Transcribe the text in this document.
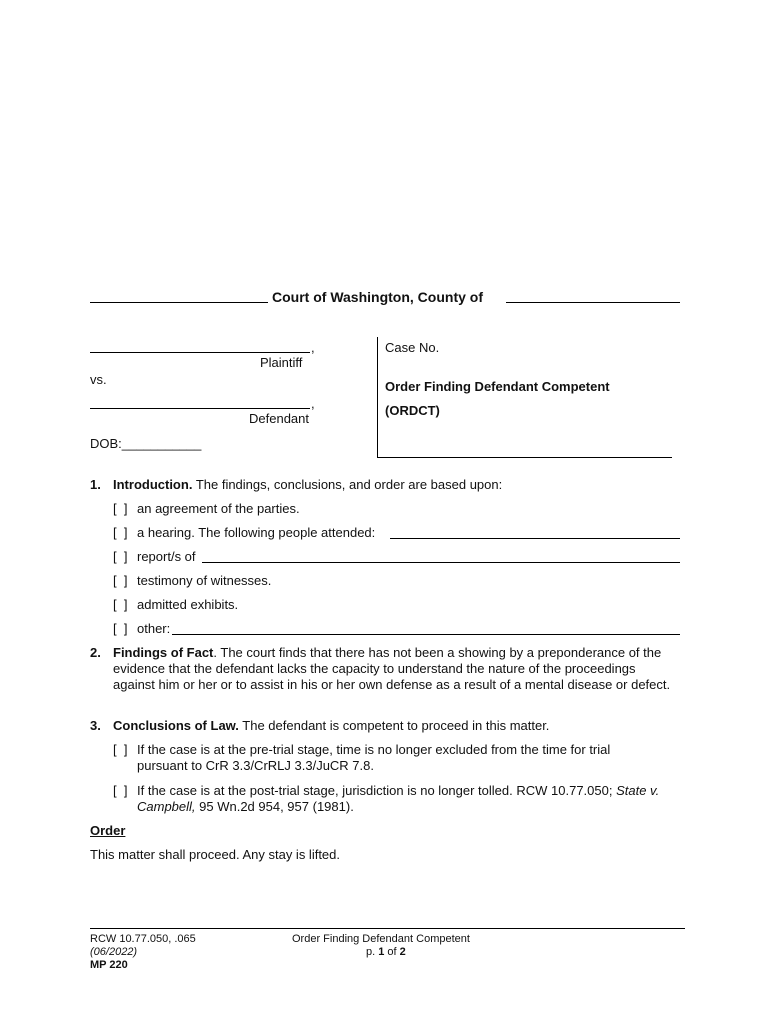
Court of Washington, County of
,
Plaintiff
vs.
,
Defendant
DOB:___________
Case No.
Order Finding Defendant Competent
(ORDCT)
1. Introduction. The findings, conclusions, and order are based upon:
[  ] an agreement of the parties.
[  ] a hearing. The following people attended:
[  ] report/s of
[  ] testimony of witnesses.
[  ] admitted exhibits.
[  ] other:
2. Findings of Fact. The court finds that there has not been a showing by a preponderance of the evidence that the defendant lacks the capacity to understand the nature of the proceedings against him or her or to assist in his or her own defense as a result of a mental disease or defect.
3. Conclusions of Law. The defendant is competent to proceed in this matter.
[  ] If the case is at the pre-trial stage, time is no longer excluded from the time for trial pursuant to CrR 3.3/CrRLJ 3.3/JuCR 7.8.
[  ] If the case is at the post-trial stage, jurisdiction is no longer tolled. RCW 10.77.050; State v. Campbell, 95 Wn.2d 954, 957 (1981).
Order
This matter shall proceed. Any stay is lifted.
RCW 10.77.050, .065
(06/2022)
MP 220
Order Finding Defendant Competent
p. 1 of 2
